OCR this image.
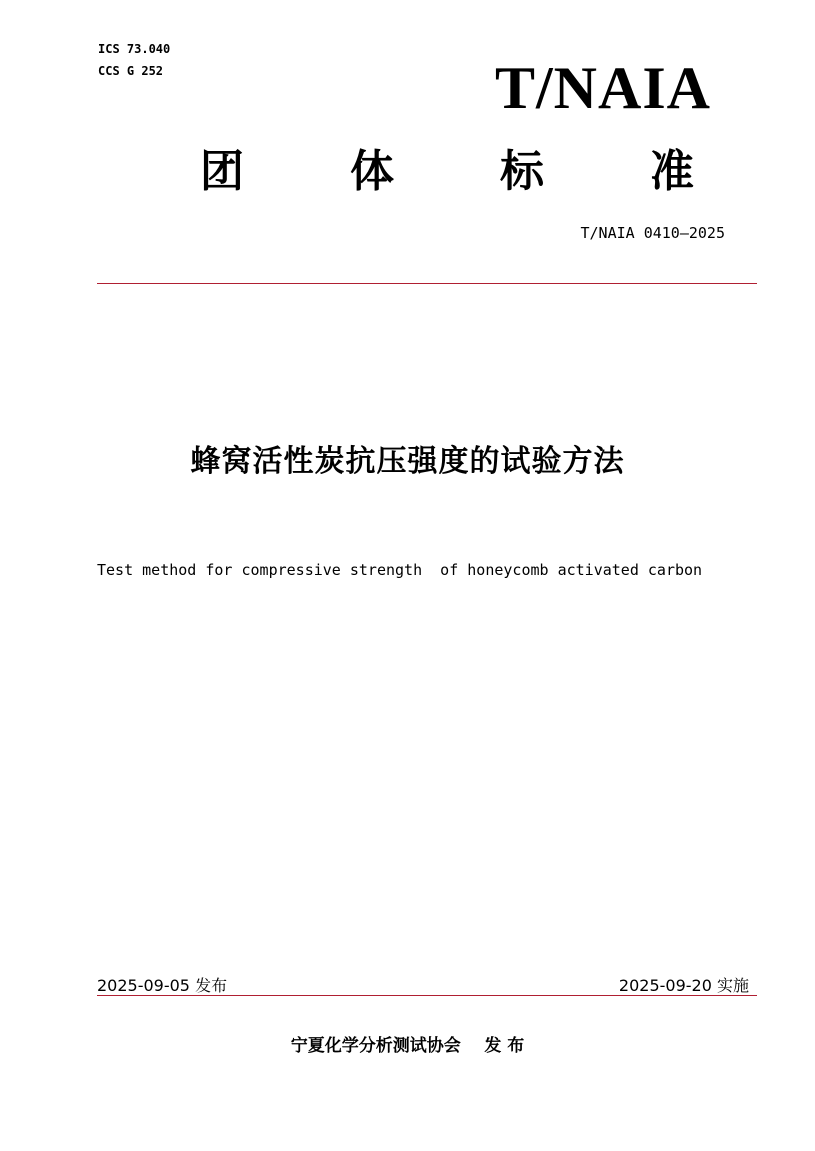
ICS 73.040
CCS G 252	T/NAIA
团 体 标 准
T/NAIA 0410—2025
蜂窝活性炭抗压强度的试验方法
Test method for compressive strength  of honeycomb activated carbon
2025-09-05 发布	2025-09-20 实施
宁夏化学分析测试协会    发 布
